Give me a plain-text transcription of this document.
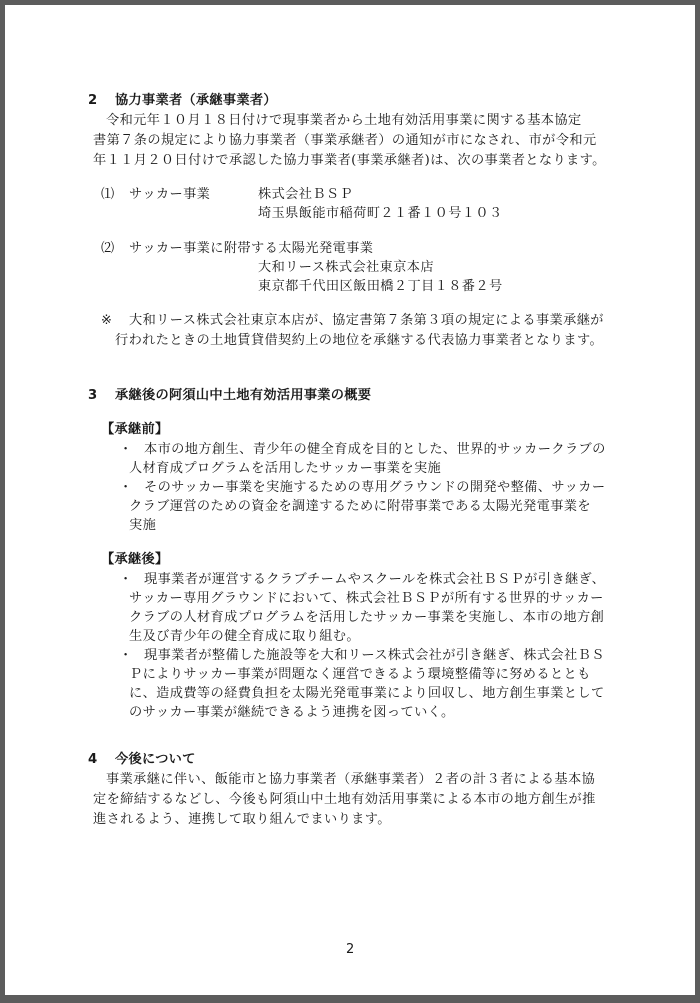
2 協力事業者（承継事業者）
令和元年１０月１８日付けで現事業者から土地有効活用事業に関する基本協定
書第７条の規定により協力事業者（事業承継者）の通知が市になされ、市が令和元
年１１月２０日付けで承認した協力事業者(事業承継者)は、次の事業者となります。
⑴ サッカー事業	株式会社ＢＳＰ
埼玉県飯能市稲荷町２１番１０号１０３
⑵ サッカー事業に附帯する太陽光発電事業
大和リース株式会社東京本店
東京都千代田区飯田橋２丁目１８番２号
※ 大和リース株式会社東京本店が、協定書第７条第３項の規定による事業承継が
行われたときの土地賃貸借契約上の地位を承継する代表協力事業者となります。
3 承継後の阿須山中土地有効活用事業の概要
【承継前】
・ 本市の地方創生、青少年の健全育成を目的とした、世界的サッカークラブの
人材育成プログラムを活用したサッカー事業を実施
・ そのサッカー事業を実施するための専用グラウンドの開発や整備、サッカー
クラブ運営のための資金を調達するために附帯事業である太陽光発電事業を
実施
【承継後】
・ 現事業者が運営するクラブチームやスクールを株式会社ＢＳＰが引き継ぎ、
サッカー専用グラウンドにおいて、株式会社ＢＳＰが所有する世界的サッカー
クラブの人材育成プログラムを活用したサッカー事業を実施し、本市の地方創
生及び青少年の健全育成に取り組む。
・ 現事業者が整備した施設等を大和リース株式会社が引き継ぎ、株式会社ＢＳ
Ｐによりサッカー事業が問題なく運営できるよう環境整備等に努めるととも
に、造成費等の経費負担を太陽光発電事業により回収し、地方創生事業として
のサッカー事業が継続できるよう連携を図っていく。
4 今後について
事業承継に伴い、飯能市と協力事業者（承継事業者）２者の計３者による基本協
定を締結するなどし、今後も阿須山中土地有効活用事業による本市の地方創生が推
進されるよう、連携して取り組んでまいります。
2
